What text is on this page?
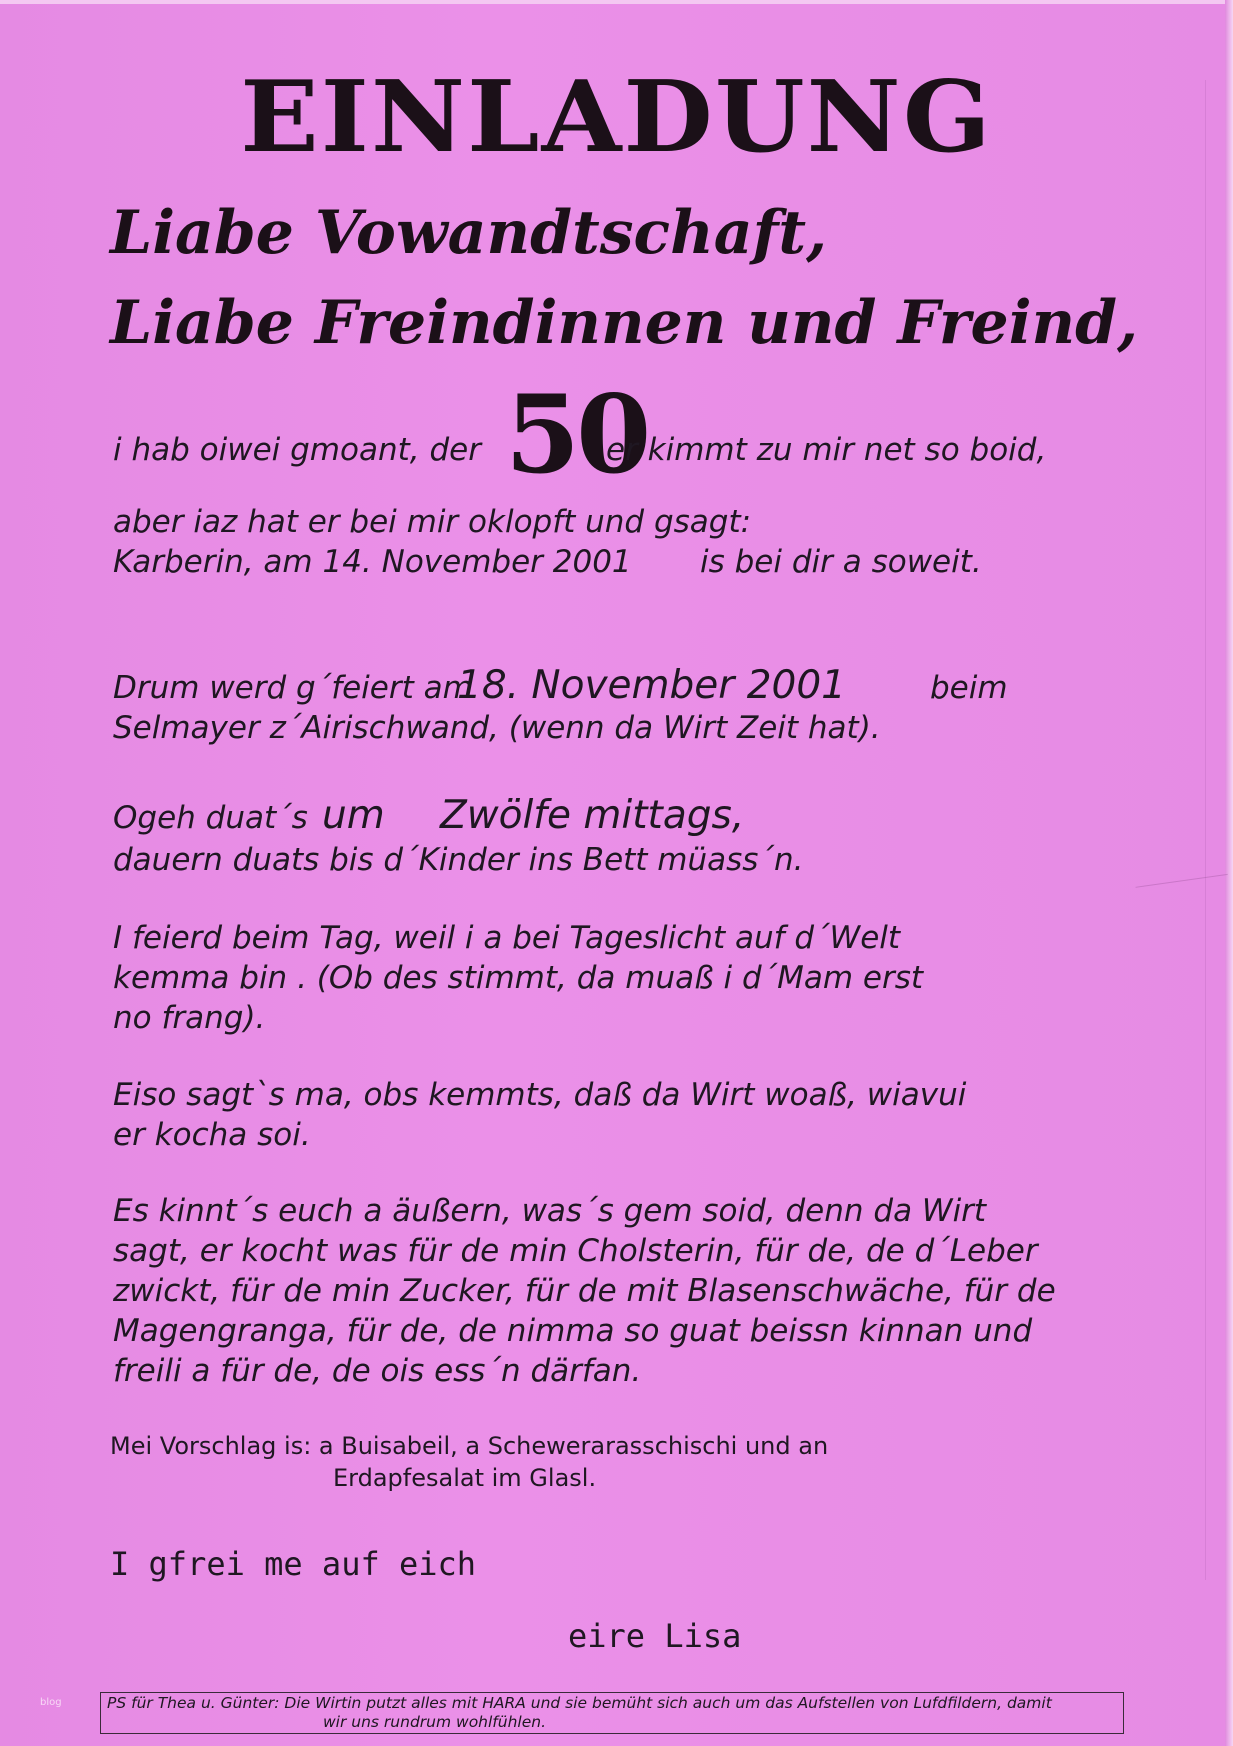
EINLADUNG
Liabe Vowandtschaft,
Liabe Freindinnen und Freind,
i hab oiwei gmoant, der 50
er kimmt zu mir net so boid,
aber iaz hat er bei mir oklopft und gsagt:
Karberin, am 14. November 2001 is bei dir a soweit.
Drum werd g´feiert am
18. November 2001	beim
Selmayer z´Airischwand, (wenn da Wirt Zeit hat).
Ogeh duat´s um Zwölfe mittags,
dauern duats bis d´Kinder ins Bett müass´n.
I feierd beim Tag, weil i a bei Tageslicht auf d´Welt
kemma bin . (Ob des stimmt, da muaß i d´Mam erst
no frang).
Eiso sagt`s ma, obs kemmts, daß da Wirt woaß, wiavui
er kocha soi.
Es kinnt´s euch a äußern, was´s gem soid, denn da Wirt
sagt, er kocht was für de min Cholsterin, für de, de d´Leber
zwickt, für de min Zucker, für de mit Blasenschwäche, für de
Magengranga, für de, de nimma so guat beissn kinnan und
freili a für de, de ois ess´n därfan.
Mei Vorschlag is: a Buisabeil, a Schewerarasschischi und an
Erdapfesalat im Glasl.
I gfrei me auf eich
eire Lisa
blog	PS für Thea u. Günter: Die Wirtin putzt alles mit HARA und sie bemüht sich auch um das Aufstellen von Lufdfildern, damit
wir uns rundrum wohlfühlen.
